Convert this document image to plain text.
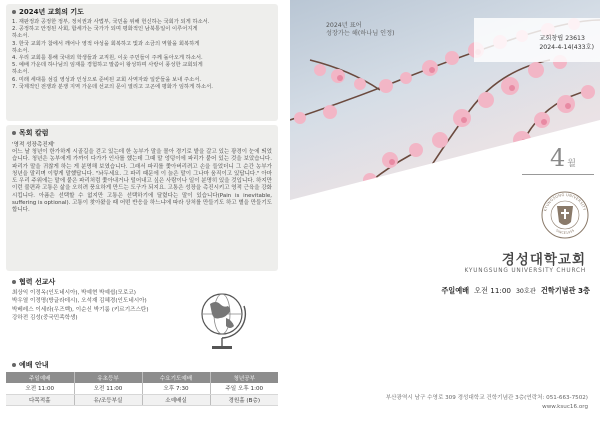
2024년 교회의 기도
1. 재판정과 공정한 정부, 정치권과 사법부, 국민을 위해 헌신하는 국회가 되게 하소서.
2. 공정하고 안정된 사회, 합세가는 국가가 되며 평화적인 남북통일이 이루어지게
하소서.
3. 한국 교회가 참에서 깨어나 영적 야성을 회복하고 빛과 소금의 역할을 회복하게
하소서.
4. 우리 교회를 통해 국내외 학생들과 교직원, 이웃 주민들이 주께 돌아오게 하소서.
5. 예배 가운데 하나님의 임재를 경험하고 말씀이 왕성하며 사랑이 풍성한 교회되게
하소서.
6. 미래 세대를 섬길 영성과 인성으로 준비된 교회 사역자와 일꾼들을 보내 주소서.
7. 국제적인 전쟁과 분쟁 지역 가운데 선교의 문이 열리고 고곤에 평화가 임하게 하소서.
목회 칼럼
'영적 성장촉진제'
어느 날 청년이 한가하게 시골길을 걷고 있는데 한 농부가 말을 몰아 경기로 밭을 갈고 있는 광경이 눈에 띄었습니다. 청년은 농부에게 가까이 다가가 인사를 했는데 그때 말 엉덩이에 파리가 붙어 있는 것을 보았습니다. 파리가 말을 귀찮게 하는 게 분명해 보였습니다. 그래서 파리를 쫓아버리려고 손을 들었더니 그 순간 농부가 청년을 말리며 이렇게 말했답니다. "놔두세요. 그 파리 때문에 이 늙은 말이 그나마 움직이고 있답니다." 아마도 우리 주위에는 말에 붙은 파리처럼 쫓아내거나 털어내고 싶은 사람이나 일이 분명히 있을 것입니다. 하지만 이런 불편과 고통은 삶을 오히려 풍요하게 만드는 도구가 되지요. 고통은 성장을 촉진시키고 영적 근육을 강화시킵니다. 아픔은 선택할 수 없지만 고통은 선택하기에 달렸다는 말이 있습니다(Pain is inevitable, suffering is optional). 고통이 찾아왔을 때 어떤 반응을 하느냐에 따라 상처를 만들기도 하고 별을 만들기도 합니다.
협력 선교사
최상익 이정옥(인도네시아), 박예현 박예쉽(모로코)
박우열 이정명(방글라데시), 오석재 김혜경(인도네시아)
박베레스 이세라(우즈벡), 이순신 박기룸 (키르기즈스탄)
강하전 김성(중국민족학생)
예배 안내
주일예배	유초등부	수요기도예배	청년공부
오전 11:00	오전 11:00	오후 7:30	주일 오후 1:00
다목적홀	유/조등부실	소예배실	경원홀 (B층)
2024년 표어
성장가는 해(하나님 인정)
교회창립 23613
2024-4-14(433호)
4 월
KYUNGSUNG UNIVERSITY
SINCE1955
경성대학교회
KYUNGSUNG UNIVERSITY CHURCH
주일예배 오전 11:00 30호관 건학기념관 3층
부산광역시 남구 수영로 309 경성대학교 건학기념관 3층(연락처: 051-663-7502)
www.ksuc16.org
